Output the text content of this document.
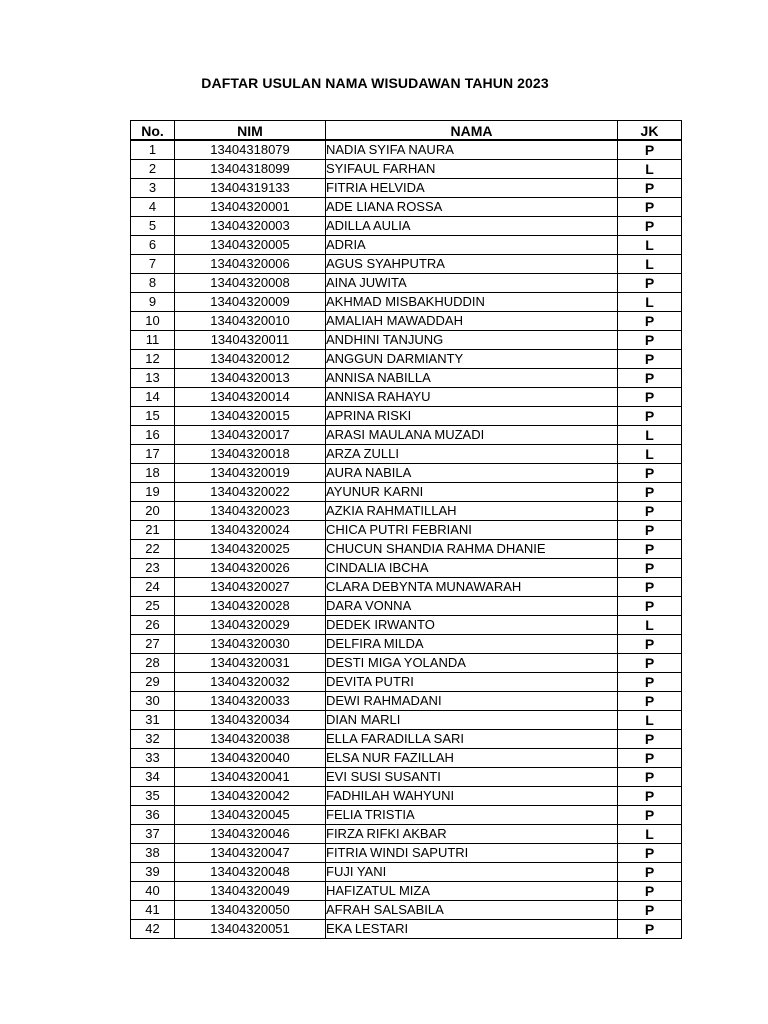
DAFTAR USULAN NAMA WISUDAWAN TAHUN 2023
No.	NIM	NAMA	JK
1	13404318079	NADIA SYIFA NAURA	P
2	13404318099	SYIFAUL FARHAN	L
3	13404319133	FITRIA HELVIDA	P
4	13404320001	ADE LIANA ROSSA	P
5	13404320003	ADILLA AULIA	P
6	13404320005	ADRIA	L
7	13404320006	AGUS SYAHPUTRA	L
8	13404320008	AINA JUWITA	P
9	13404320009	AKHMAD MISBAKHUDDIN	L
10	13404320010	AMALIAH MAWADDAH	P
11	13404320011	ANDHINI TANJUNG	P
12	13404320012	ANGGUN DARMIANTY	P
13	13404320013	ANNISA NABILLA	P
14	13404320014	ANNISA RAHAYU	P
15	13404320015	APRINA RISKI	P
16	13404320017	ARASI MAULANA MUZADI	L
17	13404320018	ARZA ZULLI	L
18	13404320019	AURA NABILA	P
19	13404320022	AYUNUR KARNI	P
20	13404320023	AZKIA RAHMATILLAH	P
21	13404320024	CHICA PUTRI FEBRIANI	P
22	13404320025	CHUCUN SHANDIA RAHMA DHANIE	P
23	13404320026	CINDALIA IBCHA	P
24	13404320027	CLARA DEBYNTA MUNAWARAH	P
25	13404320028	DARA VONNA	P
26	13404320029	DEDEK IRWANTO	L
27	13404320030	DELFIRA MILDA	P
28	13404320031	DESTI MIGA YOLANDA	P
29	13404320032	DEVITA PUTRI	P
30	13404320033	DEWI RAHMADANI	P
31	13404320034	DIAN MARLI	L
32	13404320038	ELLA FARADILLA SARI	P
33	13404320040	ELSA NUR FAZILLAH	P
34	13404320041	EVI SUSI SUSANTI	P
35	13404320042	FADHILAH WAHYUNI	P
36	13404320045	FELIA TRISTIA	P
37	13404320046	FIRZA RIFKI AKBAR	L
38	13404320047	FITRIA WINDI SAPUTRI	P
39	13404320048	FUJI YANI	P
40	13404320049	HAFIZATUL MIZA	P
41	13404320050	AFRAH SALSABILA	P
42	13404320051	EKA LESTARI	P
